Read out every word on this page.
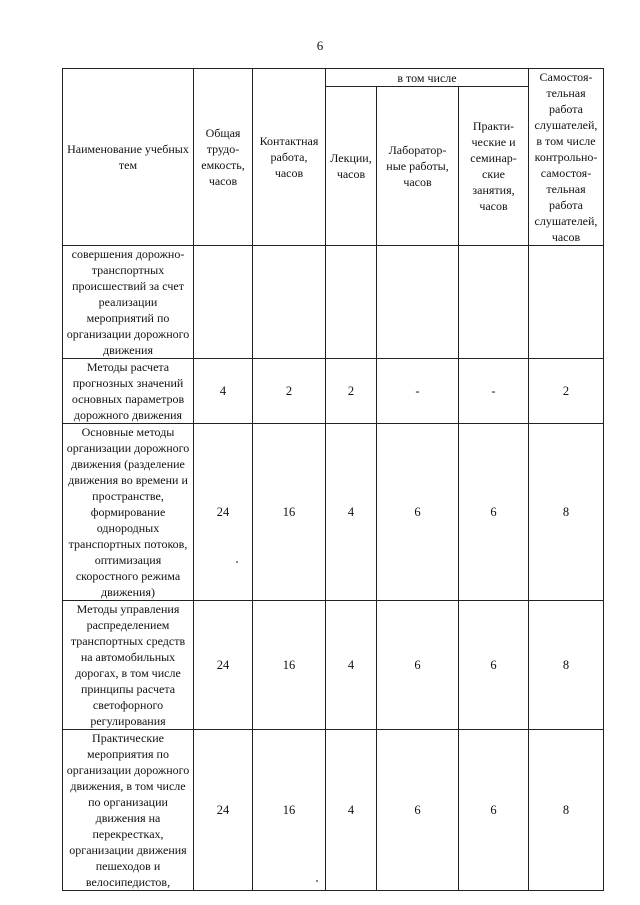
6
Наименование учебных тем	Общая трудо-емкость, часов	Контактная работа, часов	в том числе			Самостоя-тельная работа слушателей, в том числе контрольно-самостоя-тельная работа слушателей, часов
			Лекции, часов	Лаборатор-ные работы, часов	Практи-ческие и семинар-ские занятия, часов	
совершения дорожно-транспортных происшествий за счет реализации мероприятий по организации дорожного движения						
Методы расчета прогнозных значений основных параметров дорожного движения	4	2	2	-	-	2
Основные методы организации дорожного движения (разделение движения во времени и пространстве, формирование однородных транспортных потоков, оптимизация скоростного режима движения)	24	16	4	6	6	8
Методы управления распределением транспортных средств на автомобильных дорогах, в том числе принципы расчета светофорного регулирования	24	16	4	6	6	8
Практические мероприятия по организации дорожного движения, в том числе по организации движения на перекрестках, организации движения пешеходов и велосипедистов,	24	16	4	6	6	8
